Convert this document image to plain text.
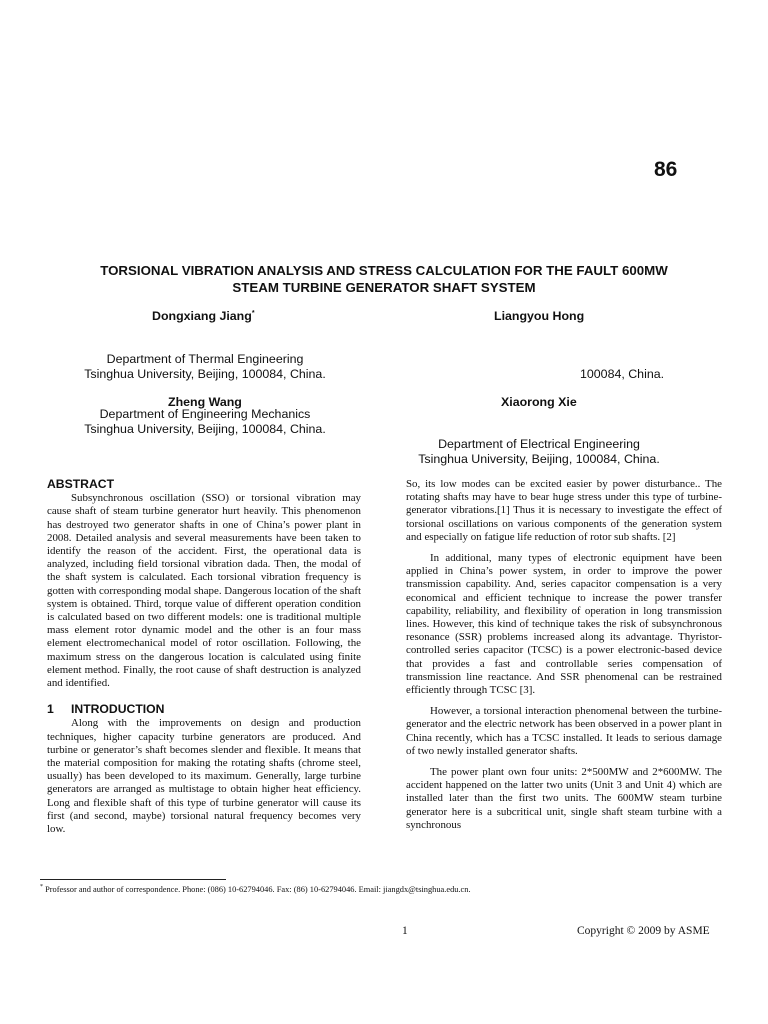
86
TORSIONAL VIBRATION ANALYSIS AND STRESS CALCULATION FOR THE FAULT 600MW
STEAM TURBINE GENERATOR SHAFT SYSTEM
Dongxiang Jiang*	Liangyou Hong
Department of Thermal Engineering
Tsinghua University, Beijing, 100084, China.	100084, China.
Zheng Wang	Xiaorong Xie
Department of Engineering Mechanics
Tsinghua University, Beijing, 100084, China.
Department of Electrical Engineering
Tsinghua University, Beijing, 100084, China.
ABSTRACT

Subsynchronous oscillation (SSO) or torsional vibration may cause shaft of steam turbine generator hurt heavily. This phenomenon has destroyed two generator shafts in one of China’s power plant in 2008. Detailed analysis and several measurements have been taken to identify the reason of the accident. First, the operational data is analyzed, including field torsional vibration dada. Then, the modal of the shaft system is calculated. Each torsional vibration frequency is gotten with corresponding modal shape. Dangerous location of the shaft system is obtained. Third, torque value of different operation condition is calculated based on two different models: one is traditional multiple mass element rotor dynamic model and the other is an four mass element electromechanical model of rotor oscillation. Following, the maximum stress on the dangerous location is calculated using finite element method. Finally, the root cause of shaft destruction is analyzed and identified.

1 INTRODUCTION

Along with the improvements on design and production techniques, higher capacity turbine generators are produced. And turbine or generator’s shaft becomes slender and flexible. It means that the material composition for making the rotating shafts (chrome steel, usually) has been developed to its maximum. Generally, large turbine generators are arranged as multistage to obtain higher heat efficiency. Long and flexible shaft of this type of turbine generator will cause its first (and second, maybe) torsional natural frequency becomes very low.

So, its low modes can be excited easier by power disturbance.. The rotating shafts may have to bear huge stress under this type of turbine-generator vibrations.[1] Thus it is necessary to investigate the effect of torsional oscillations on various components of the generation system and especially on fatigue life reduction of rotor sub shafts. [2]

In additional, many types of electronic equipment have been applied in China’s power system, in order to improve the power transmission capability. And, series capacitor compensation is a very economical and efficient technique to increase the power transfer capability, reliability, and flexibility of operation in long transmission lines. However, this kind of technique takes the risk of subsynchronous resonance (SSR) problems increased along its advantage. Thyristor-controlled series capacitor (TCSC) is a power electronic-based device that provides a fast and controllable series compensation of transmission line reactance. And SSR phenomenal can be restrained efficiently through TCSC [3].

However, a torsional interaction phenomenal between the turbine-generator and the electric network has been observed in a power plant in China recently, which has a TCSC installed. It leads to serious damage of two newly installed generator shafts.

The power plant own four units: 2*500MW and 2*600MW. The accident happened on the latter two units (Unit 3 and Unit 4) which are installed later than the first two units. The 600MW steam turbine generator here is a subcritical unit, single shaft steam turbine with a synchronous

* Professor and author of correspondence. Phone: (086) 10-62794046. Fax: (86) 10-62794046. Email: jiangdx@tsinghua.edu.cn.
1	Copyright © 2009 by ASME
